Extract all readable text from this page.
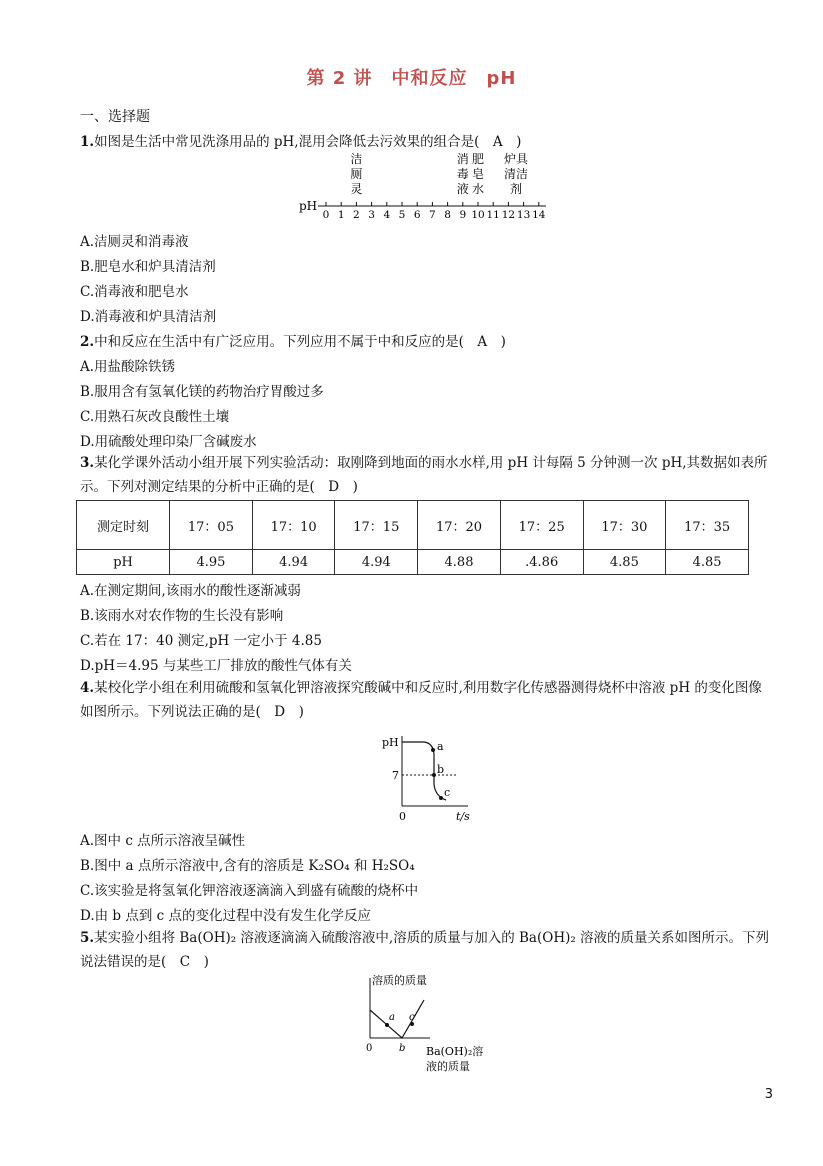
第 2 讲　中和反应　pH
一、选择题
1.如图是生活中常见洗涤用品的 pH,混用会降低去污效果的组合是(　A　)
洁
厕
灵
消
毒
液
肥
皂
水
炉具
清洁
剂
pH
0 1 2 3 4 5 6 7 8 9 10 11 12 13 14
A.洁厕灵和消毒液
B.肥皂水和炉具清洁剂
C.消毒液和肥皂水
D.消毒液和炉具清洁剂
2.中和反应在生活中有广泛应用。下列应用不属于中和反应的是(　A　)
A.用盐酸除铁锈
B.服用含有氢氧化镁的药物治疗胃酸过多
C.用熟石灰改良酸性土壤
D.用硫酸处理印染厂含碱废水
3.某化学课外活动小组开展下列实验活动：取刚降到地面的雨水水样,用 pH 计每隔 5 分钟测一次 pH,其数据如表所示。下列对测定结果的分析中正确的是(　D　)
测定时刻	17：05	17：10	17：15	17：20	17：25	17：30	17：35
pH	4.95	4.94	4.94	4.88	.4.86	4.85	4.85
A.在测定期间,该雨水的酸性逐渐减弱
B.该雨水对农作物的生长没有影响
C.若在 17：40 测定,pH 一定小于 4.85
D.pH＝4.95 与某些工厂排放的酸性气体有关
4.某校化学小组在利用硫酸和氢氧化钾溶液探究酸碱中和反应时,利用数字化传感器测得烧杯中溶液 pH 的变化图像如图所示。下列说法正确的是(　D　)
pH
7
a
b
c
0	t/s
A.图中 c 点所示溶液呈碱性
B.图中 a 点所示溶液中,含有的溶质是 K₂SO₄ 和 H₂SO₄
C.该实验是将氢氧化钾溶液逐滴滴入到盛有硫酸的烧杯中
D.由 b 点到 c 点的变化过程中没有发生化学反应
5.某实验小组将 Ba(OH)₂ 溶液逐滴滴入硫酸溶液中,溶质的质量与加入的 Ba(OH)₂ 溶液的质量关系如图所示。下列说法错误的是(　C　)
溶质的质量
a c
0	b Ba(OH)₂溶
液的质量
3
